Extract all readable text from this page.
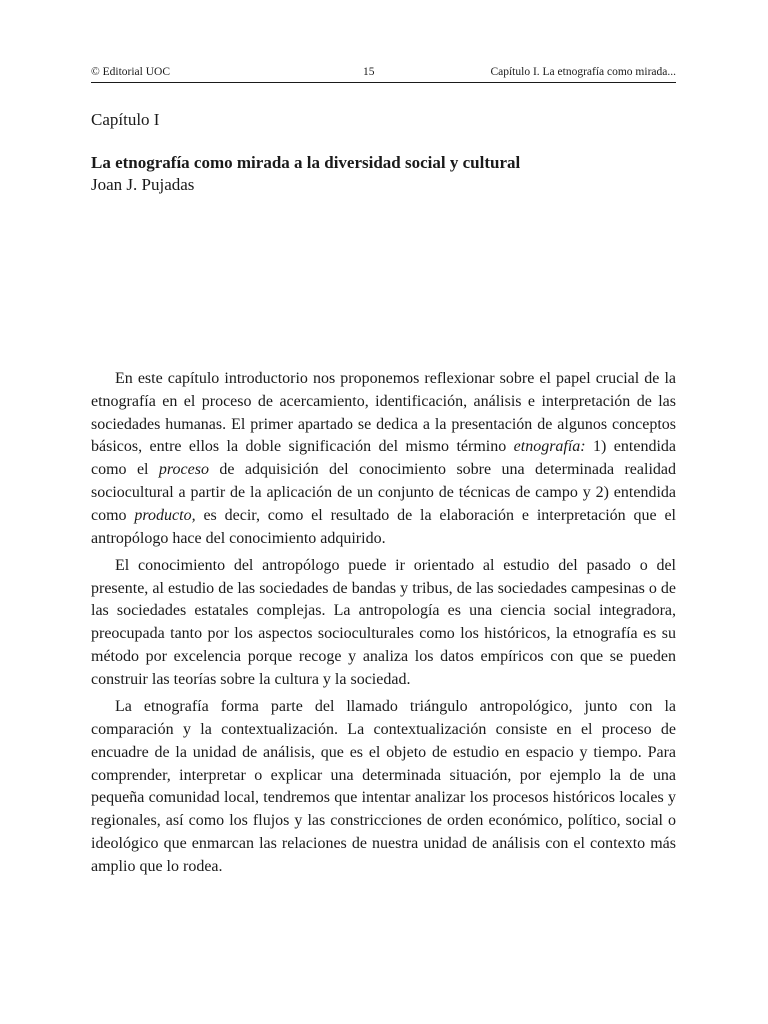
© Editorial UOC	15	Capítulo I. La etnografía como mirada...
Capítulo I
La etnografía como mirada a la diversidad social y cultural
Joan J. Pujadas

En este capítulo introductorio nos proponemos reflexionar sobre el papel crucial de la etnografía en el proceso de acercamiento, identificación, análisis e interpretación de las sociedades humanas. El primer apartado se dedica a la presentación de algunos conceptos básicos, entre ellos la doble significación del mismo término etnografía: 1) entendida como el proceso de adquisición del conocimiento sobre una determinada realidad sociocultural a partir de la aplicación de un conjunto de técnicas de campo y 2) entendida como producto, es decir, como el resultado de la elaboración e interpretación que el antropólogo hace del conocimiento adquirido.

El conocimiento del antropólogo puede ir orientado al estudio del pasado o del presente, al estudio de las sociedades de bandas y tribus, de las sociedades campesinas o de las sociedades estatales complejas. La antropología es una ciencia social integradora, preocupada tanto por los aspectos socioculturales como los históricos, la etnografía es su método por excelencia porque recoge y analiza los datos empíricos con que se pueden construir las teorías sobre la cultura y la sociedad.

La etnografía forma parte del llamado triángulo antropológico, junto con la comparación y la contextualización. La contextualización consiste en el proceso de encuadre de la unidad de análisis, que es el objeto de estudio en espacio y tiempo. Para comprender, interpretar o explicar una determinada situación, por ejemplo la de una pequeña comunidad local, tendremos que intentar analizar los procesos históricos locales y regionales, así como los flujos y las constricciones de orden económico, político, social o ideológico que enmarcan las relaciones de nuestra unidad de análisis con el contexto más amplio que lo rodea.
